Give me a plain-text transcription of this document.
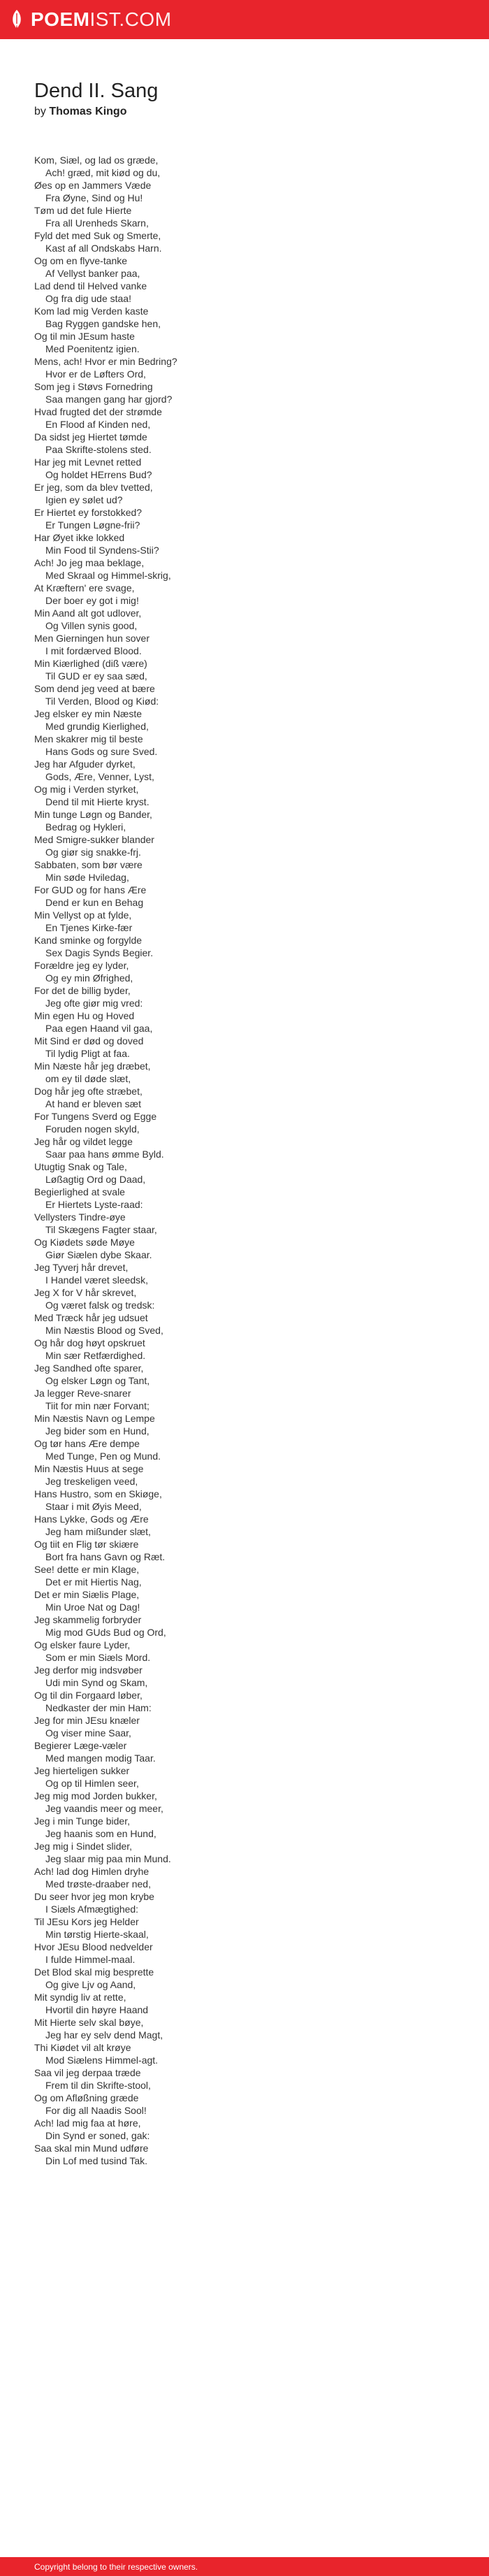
POEM IST.COM
Dend II. Sang
by Thomas Kingo
Kom, Siæl, og lad os græde,
Ach! græd, mit kiød og du,
Øes op en Jammers Væde
Fra Øyne, Sind og Hu!
Tøm ud det fule Hierte
Fra all Urenheds Skarn,
Fyld det med Suk og Smerte,
Kast af all Ondskabs Harn.
Og om en flyve-tanke
Af Vellyst banker paa,
Lad dend til Helved vanke
Og fra dig ude staa!
Kom lad mig Verden kaste
Bag Ryggen gandske hen,
Og til min JEsum haste
Med Poenitentz igien.
Mens, ach! Hvor er min Bedring?
Hvor er de Løfters Ord,
Som jeg i Støvs Fornedring
Saa mangen gang har gjord?
Hvad frugted det der strømde
En Flood af Kinden ned,
Da sidst jeg Hiertet tømde
Paa Skrifte-stolens sted.
Har jeg mit Levnet retted
Og holdet HErrens Bud?
Er jeg, som da blev tvetted,
Igien ey sølet ud?
Er Hiertet ey forstokked?
Er Tungen Løgne-frii?
Har Øyet ikke lokked
Min Food til Syndens-Stii?
Ach! Jo jeg maa beklage,
Med Skraal og Himmel-skrig,
At Kræftern' ere svage,
Der boer ey got i mig!
Min Aand alt got udlover,
Og Villen synis good,
Men Gierningen hun sover
I mit fordærved Blood.
Min Kiærlighed (diß være)
Til GUD er ey saa sæd,
Som dend jeg veed at bære
Til Verden, Blood og Kiød:
Jeg elsker ey min Næste
Med grundig Kierlighed,
Men skakrer mig til beste
Hans Gods og sure Sved.
Jeg har Afguder dyrket,
Gods, Ære, Venner, Lyst,
Og mig i Verden styrket,
Dend til mit Hierte kryst.
Min tunge Løgn og Bander,
Bedrag og Hykleri,
Med Smigre-sukker blander
Og giør sig snakke-frj.
Sabbaten, som bør være
Min søde Hviledag,
For GUD og for hans Ære
Dend er kun en Behag
Min Vellyst op at fylde,
En Tjenes Kirke-fær
Kand sminke og forgylde
Sex Dagis Synds Begier.
Forældre jeg ey lyder,
Og ey min Øfrighed,
For det de billig byder,
Jeg ofte giør mig vred:
Min egen Hu og Hoved
Paa egen Haand vil gaa,
Mit Sind er død og doved
Til lydig Pligt at faa.
Min Næste hår jeg dræbet,
om ey til døde slæt,
Dog hår jeg ofte stræbet,
At hand er bleven sæt
For Tungens Sverd og Egge
Foruden nogen skyld,
Jeg hår og vildet legge
Saar paa hans ømme Byld.
Utugtig Snak og Tale,
Løßagtig Ord og Daad,
Begierlighed at svale
Er Hiertets Lyste-raad:
Vellysters Tindre-øye
Til Skægens Fagter staar,
Og Kiødets søde Møye
Giør Siælen dybe Skaar.
Jeg Tyverj hår drevet,
I Handel været sleedsk,
Jeg X for V hår skrevet,
Og været falsk og tredsk:
Med Træck hår jeg udsuet
Min Næstis Blood og Sved,
Og hår dog høyt opskruet
Min sær Retfærdighed.
Jeg Sandhed ofte sparer,
Og elsker Løgn og Tant,
Ja legger Reve-snarer
Tiit for min nær Forvant;
Min Næstis Navn og Lempe
Jeg bider som en Hund,
Og tør hans Ære dempe
Med Tunge, Pen og Mund.
Min Næstis Huus at sege
Jeg treskeligen veed,
Hans Hustro, som en Skiøge,
Staar i mit Øyis Meed,
Hans Lykke, Gods og Ære
Jeg ham mißunder slæt,
Og tiit en Flig tør skiære
Bort fra hans Gavn og Ræt.
See! dette er min Klage,
Det er mit Hiertis Nag,
Det er min Siælis Plage,
Min Uroe Nat og Dag!
Jeg skammelig forbryder
Mig mod GUds Bud og Ord,
Og elsker faure Lyder,
Som er min Siæls Mord.
Jeg derfor mig indsvøber
Udi min Synd og Skam,
Og til din Forgaard løber,
Nedkaster der min Ham:
Jeg for min JEsu knæler
Og viser mine Saar,
Begierer Læge-væler
Med mangen modig Taar.
Jeg hierteligen sukker
Og op til Himlen seer,
Jeg mig mod Jorden bukker,
Jeg vaandis meer og meer,
Jeg i min Tunge bider,
Jeg haanis som en Hund,
Jeg mig i Sindet slider,
Jeg slaar mig paa min Mund.
Ach! lad dog Himlen dryhe
Med trøste-draaber ned,
Du seer hvor jeg mon krybe
I Siæls Afmægtighed:
Til JEsu Kors jeg Helder
Min tørstig Hierte-skaal,
Hvor JEsu Blood nedvelder
I fulde Himmel-maal.
Det Blod skal mig besprette
Og give Ljv og Aand,
Mit syndig liv at rette,
Hvortil din høyre Haand
Mit Hierte selv skal bøye,
Jeg har ey selv dend Magt,
Thi Kiødet vil alt krøye
Mod Siælens Himmel-agt.
Saa vil jeg derpaa træde
Frem til din Skrifte-stool,
Og om Afløßning græde
For dig all Naadis Sool!
Ach! lad mig faa at høre,
Din Synd er soned, gak:
Saa skal min Mund udføre
Din Lof med tusind Tak.
Copyright belong to their respective owners.
